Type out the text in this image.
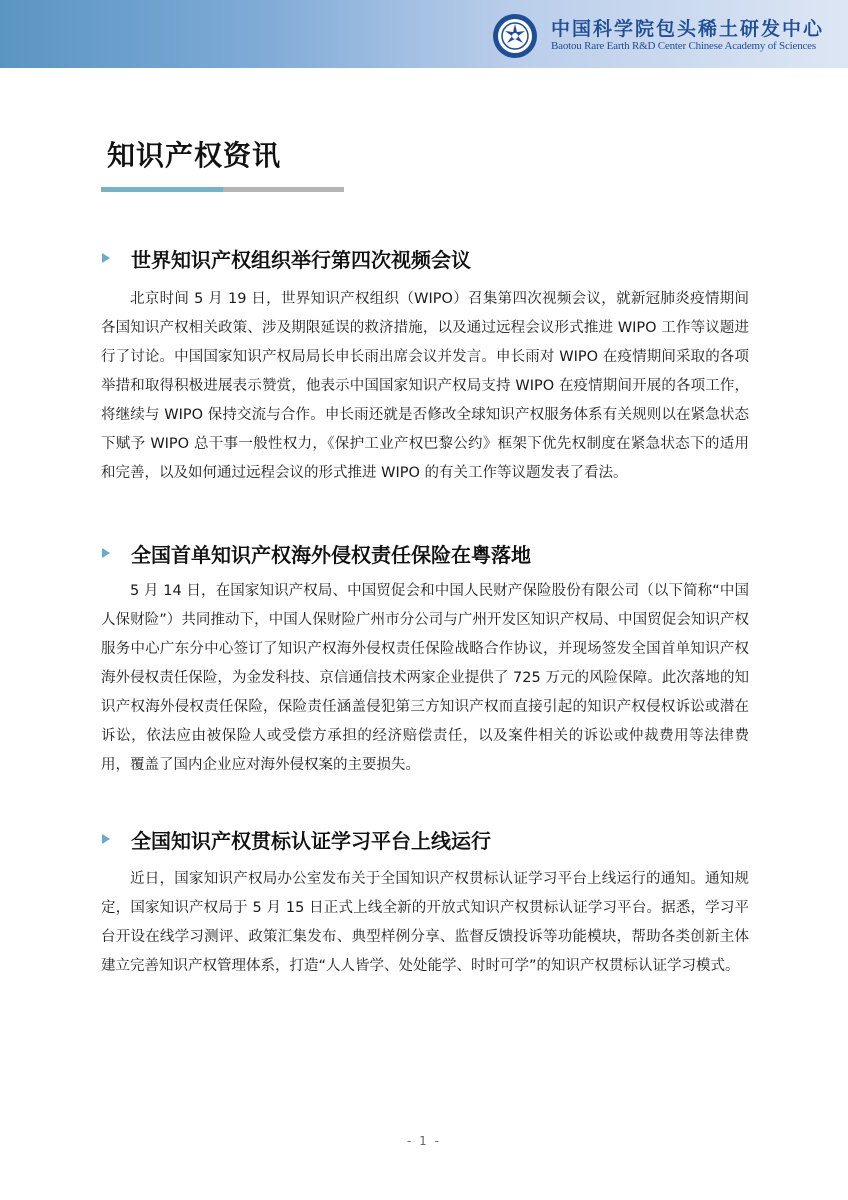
中国科学院包头稀土研发中心
Baotou Rare Earth R&D Center Chinese Academy of Sciences
知识产权资讯
世界知识产权组织举行第四次视频会议
北京时间 5 月 19 日，世界知识产权组织（WIPO）召集第四次视频会议，就新冠肺炎疫情期间各国知识产权相关政策、涉及期限延误的救济措施，以及通过远程会议形式推进 WIPO 工作等议题进行了讨论。中国国家知识产权局局长申长雨出席会议并发言。申长雨对 WIPO 在疫情期间采取的各项举措和取得积极进展表示赞赏，他表示中国国家知识产权局支持 WIPO 在疫情期间开展的各项工作，将继续与 WIPO 保持交流与合作。申长雨还就是否修改全球知识产权服务体系有关规则以在紧急状态下赋予 WIPO 总干事一般性权力，《保护工业产权巴黎公约》框架下优先权制度在紧急状态下的适用和完善，以及如何通过远程会议的形式推进 WIPO 的有关工作等议题发表了看法。
全国首单知识产权海外侵权责任保险在粤落地
5 月 14 日，在国家知识产权局、中国贸促会和中国人民财产保险股份有限公司（以下简称“中国人保财险”）共同推动下，中国人保财险广州市分公司与广州开发区知识产权局、中国贸促会知识产权服务中心广东分中心签订了知识产权海外侵权责任保险战略合作协议，并现场签发全国首单知识产权海外侵权责任保险，为金发科技、京信通信技术两家企业提供了 725 万元的风险保障。此次落地的知识产权海外侵权责任保险，保险责任涵盖侵犯第三方知识产权而直接引起的知识产权侵权诉讼或潜在诉讼，依法应由被保险人或受偿方承担的经济赔偿责任，以及案件相关的诉讼或仲裁费用等法律费用，覆盖了国内企业应对海外侵权案的主要损失。
全国知识产权贯标认证学习平台上线运行
近日，国家知识产权局办公室发布关于全国知识产权贯标认证学习平台上线运行的通知。通知规定，国家知识产权局于 5 月 15 日正式上线全新的开放式知识产权贯标认证学习平台。据悉，学习平台开设在线学习测评、政策汇集发布、典型样例分享、监督反馈投诉等功能模块，帮助各类创新主体建立完善知识产权管理体系，打造“人人皆学、处处能学、时时可学”的知识产权贯标认证学习模式。
- 1 -
